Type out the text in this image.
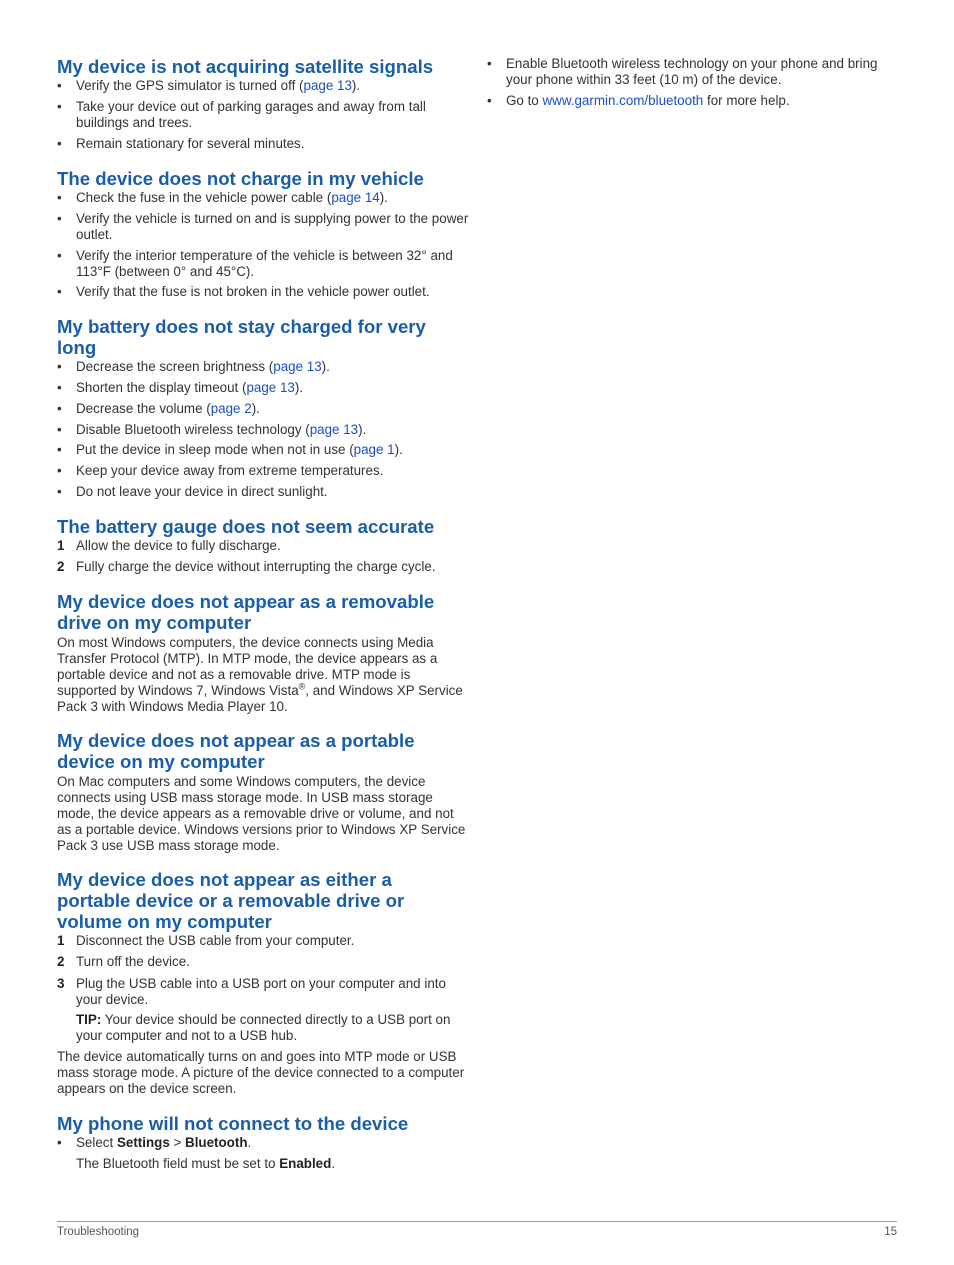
My device is not acquiring satellite signals
•	Verify the GPS simulator is turned off (page 13).
•	Take your device out of parking garages and away from tall buildings and trees.
•	Remain stationary for several minutes.
The device does not charge in my vehicle
•	Check the fuse in the vehicle power cable (page 14).
•	Verify the vehicle is turned on and is supplying power to the power outlet.
•	Verify the interior temperature of the vehicle is between 32° and 113°F (between 0° and 45°C).
•	Verify that the fuse is not broken in the vehicle power outlet.
My battery does not stay charged for very long
•	Decrease the screen brightness (page 13).
•	Shorten the display timeout (page 13).
•	Decrease the volume (page 2).
•	Disable Bluetooth wireless technology (page 13).
•	Put the device in sleep mode when not in use (page 1).
•	Keep your device away from extreme temperatures.
•	Do not leave your device in direct sunlight.
The battery gauge does not seem accurate
1 Allow the device to fully discharge.
2 Fully charge the device without interrupting the charge cycle.
My device does not appear as a removable drive on my computer
On most Windows computers, the device connects using Media Transfer Protocol (MTP). In MTP mode, the device appears as a portable device and not as a removable drive. MTP mode is supported by Windows 7, Windows Vista®, and Windows XP Service Pack 3 with Windows Media Player 10.
My device does not appear as a portable device on my computer
On Mac computers and some Windows computers, the device connects using USB mass storage mode. In USB mass storage mode, the device appears as a removable drive or volume, and not as a portable device. Windows versions prior to Windows XP Service Pack 3 use USB mass storage mode.
My device does not appear as either a portable device or a removable drive or volume on my computer
1 Disconnect the USB cable from your computer.
2 Turn off the device.
3 Plug the USB cable into a USB port on your computer and into your device.
TIP: Your device should be connected directly to a USB port on your computer and not to a USB hub.
The device automatically turns on and goes into MTP mode or USB mass storage mode. A picture of the device connected to a computer appears on the device screen.
My phone will not connect to the device
•	Select Settings > Bluetooth.
The Bluetooth field must be set to Enabled.
•	Enable Bluetooth wireless technology on your phone and bring your phone within 33 feet (10 m) of the device.
•	Go to www.garmin.com/bluetooth for more help.
Troubleshooting	15
